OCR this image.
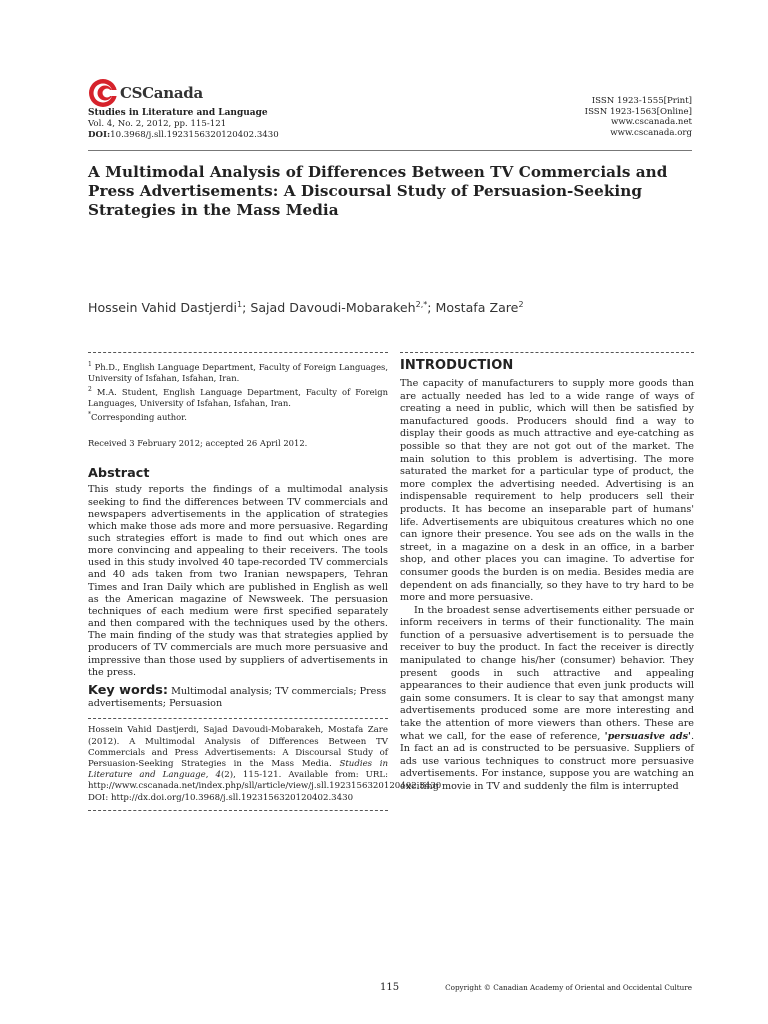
CSCanada
Studies in Literature and Language
Vol. 4, No. 2, 2012, pp. 115-121
DOI:10.3968/j.sll.1923156320120402.3430
ISSN 1923-1555[Print]
ISSN 1923-1563[Online]
www.cscanada.net
www.cscanada.org
A Multimodal Analysis of Differences Between TV Commercials and Press Advertisements: A Discoursal Study of Persuasion-Seeking Strategies in the Mass Media
Hossein Vahid Dastjerdi$^1$; Sajad Davoudi-Mobarakeh$^{2,*}$; Mostafa Zare$^2$
$^1$ Ph.D., English Language Department, Faculty of Foreign Languages, University of Isfahan, Isfahan, Iran.
$^2$ M.A. Student, English Language Department, Faculty of Foreign Languages, University of Isfahan, Isfahan, Iran.
*Corresponding author.
Received 3 February 2012; accepted 26 April 2012.
Abstract
This study reports the findings of a multimodal analysis seeking to find the differences between TV commercials and newspapers advertisements in the application of strategies which make those ads more and more persuasive. Regarding such strategies effort is made to find out which ones are more convincing and appealing to their receivers. The tools used in this study involved 40 tape-recorded TV commercials and 40 ads taken from two Iranian newspapers, Tehran Times and Iran Daily which are published in English as well as the American magazine of Newsweek. The persuasion techniques of each medium were first specified separately and then compared with the techniques used by the others. The main finding of the study was that strategies applied by producers of TV commercials are much more persuasive and impressive than those used by suppliers of advertisements in the press.
Key words: Multimodal analysis; TV commercials; Press advertisements; Persuasion
Hossein Vahid Dastjerdi, Sajad Davoudi-Mobarakeh, Mostafa Zare (2012). A Multimodal Analysis of Differences Between TV Commercials and Press Advertisements: A Discoursal Study of Persuasion-Seeking Strategies in the Mass Media. Studies in Literature and Language, 4(2), 115-121. Available from: URL: http://www.cscanada.net/index.php/sll/article/view/j.sll.1923156320120402.3430 DOI: http://dx.doi.org/10.3968/j.sll.1923156320120402.3430
INTRODUCTION

The capacity of manufacturers to supply more goods than are actually needed has led to a wide range of ways of creating a need in public, which will then be satisfied by manufactured goods. Producers should find a way to display their goods as much attractive and eye-catching as possible so that they are not got out of the market. The main solution to this problem is advertising. The more saturated the market for a particular type of product, the more complex the advertising needed. Advertising is an indispensable requirement to help producers sell their products. It has become an inseparable part of humans' life. Advertisements are ubiquitous creatures which no one can ignore their presence. You see ads on the walls in the street, in a magazine on a desk in an office, in a barber shop, and other places you can imagine. To advertise for consumer goods the burden is on media. Besides media are dependent on ads financially, so they have to try hard to be more and more persuasive.

In the broadest sense advertisements either persuade or inform receivers in terms of their functionality. The main function of a persuasive advertisement is to persuade the receiver to buy the product. In fact the receiver is directly manipulated to change his/her (consumer) behavior. They present goods in such attractive and appealing appearances to their audience that even junk products will gain some consumers. It is clear to say that amongst many advertisements produced some are more interesting and take the attention of more viewers than others. These are what we call, for the ease of reference, 'persuasive ads'. In fact an ad is constructed to be persuasive. Suppliers of ads use various techniques to construct more persuasive advertisements. For instance, suppose you are watching an exciting movie in TV and suddenly the film is interrupted

115	Copyright © Canadian Academy of Oriental and Occidental Culture
